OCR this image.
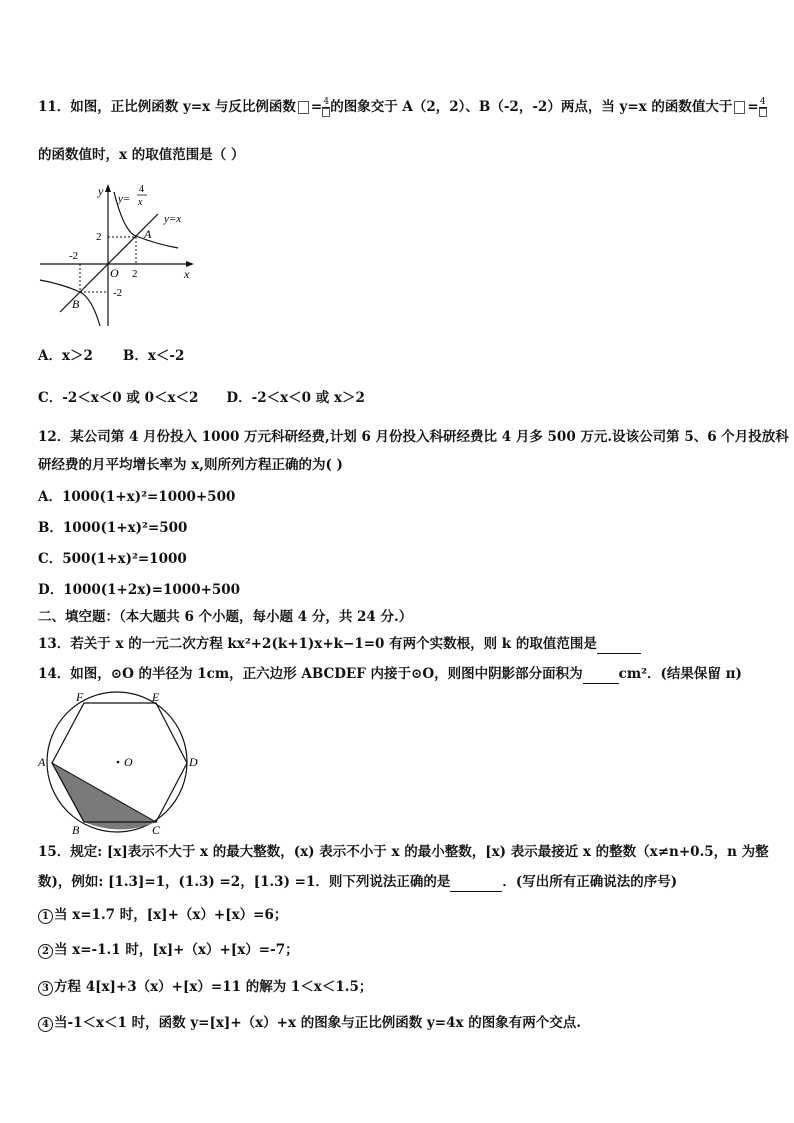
11．如图，正比例函数 y=x 与反比例函数 = 4 的图象交于 A（2，2）、B（-2，-2）两点，当 y=x 的函数值大于 = 4
的函数值时，x 的取值范围是（ ）
y
x
O
y=
4
x
y=x
A
B
-2
2
2
-2
A．x＞2 B．x＜-2
C．-2＜x＜0 或 0＜x＜2 D．-2＜x＜0 或 x＞2
12．某公司第 4 月份投入 1000 万元科研经费,计划 6 月份投入科研经费比 4 月多 500 万元.设该公司第 5、6 个月投放科
研经费的月平均增长率为 x,则所列方程正确的为( )
A．1000(1+x)²=1000+500
B．1000(1+x)²=500
C．500(1+x)²=1000
D．1000(1+2x)=1000+500
二、填空题：（本大题共 6 个小题，每小题 4 分，共 24 分.）
13．若关于 x 的一元二次方程 kx²+2(k+1)x+k−1=0 有两个实数根，则 k 的取值范围是
14．如图，⊙O 的半径为 1cm，正六边形 ABCDEF 内接于⊙O，则图中阴影部分面积为	cm²．(结果保留 π)
A
B	C
D
E
F
O
15．规定: [x]表示不大于 x 的最大整数，(x) 表示不小于 x 的最小整数，[x) 表示最接近 x 的整数（x≠n+0.5，n 为整
数)，例如: [1.3]=1，(1.3) =2，[1.3) =1．则下列说法正确的是	．(写出所有正确说法的序号)
1 当 x=1.7 时，[x]+（x）+[x）=6；
2 当 x=-1.1 时，[x]+（x）+[x）=-7；
3 方程 4[x]+3（x）+[x）=11 的解为 1＜x＜1.5；
4 当-1＜x＜1 时，函数 y=[x]+（x）+x 的图象与正比例函数 y=4x 的图象有两个交点.
